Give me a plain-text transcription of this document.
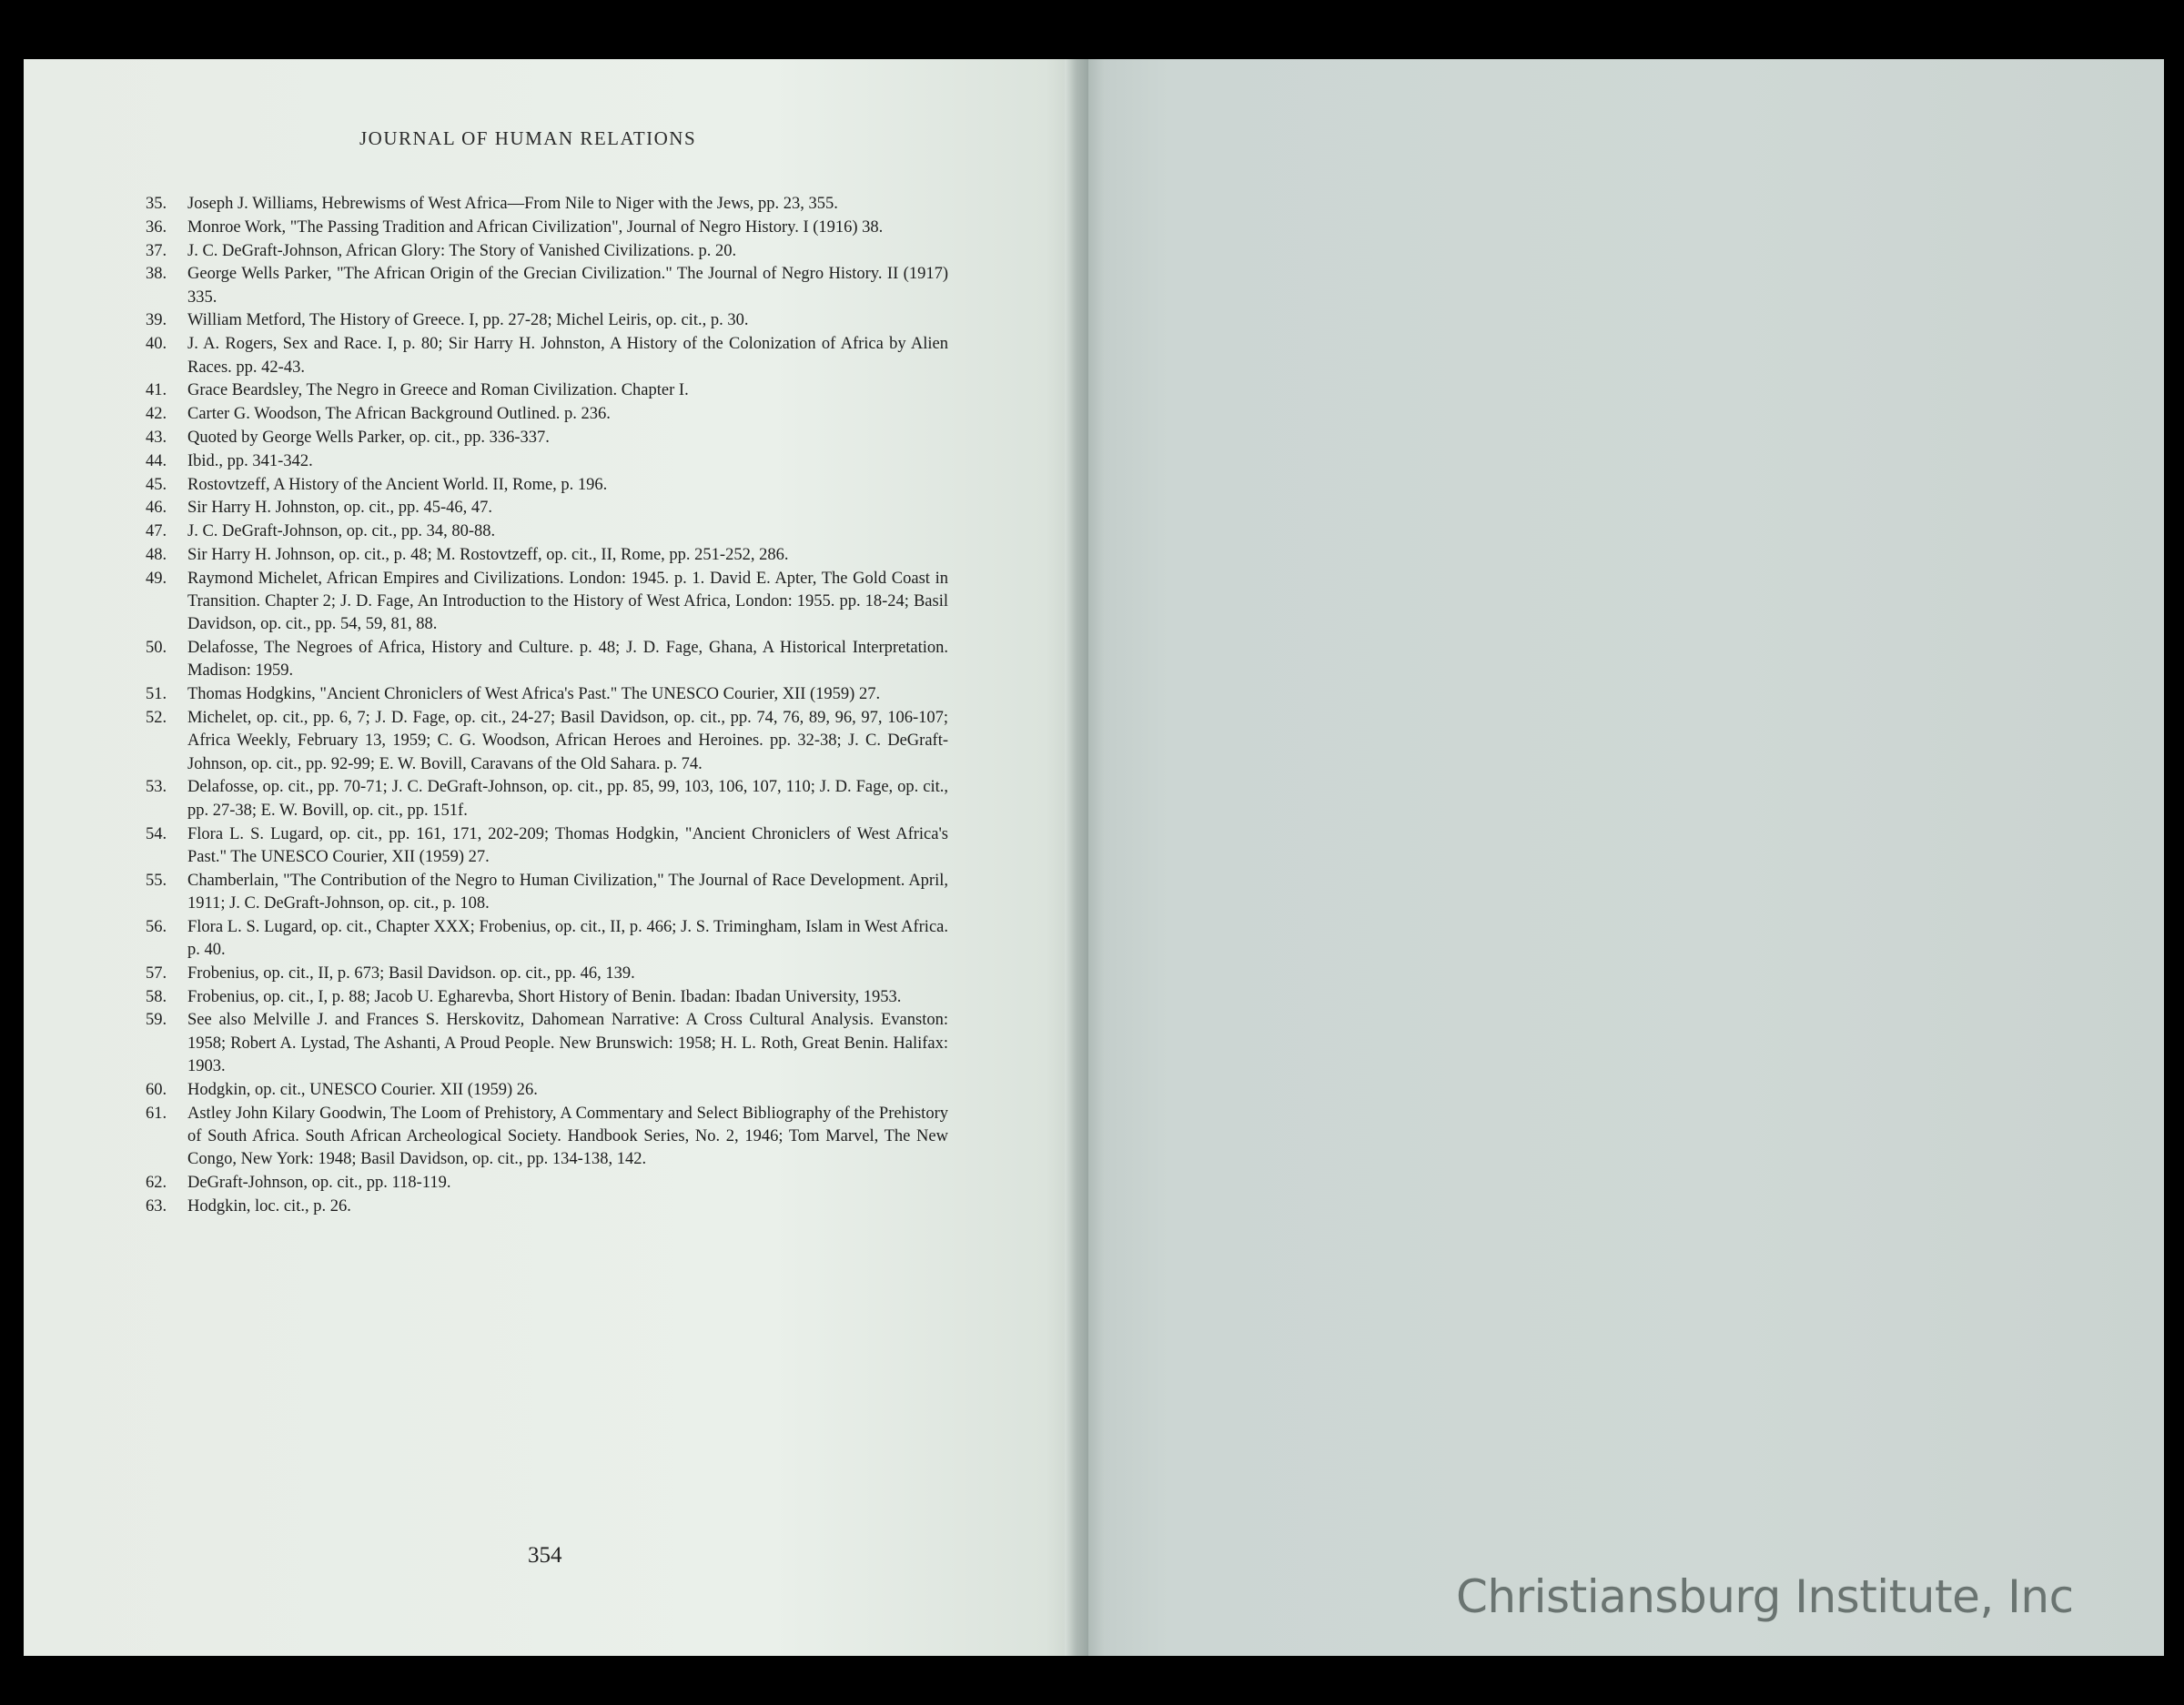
JOURNAL OF HUMAN RELATIONS
35.	Joseph J. Williams, Hebrewisms of West Africa—From Nile to Niger with the Jews, pp. 23, 355.
36.	Monroe Work, "The Passing Tradition and African Civilization", Journal of Negro History. I (1916) 38.
37.	J. C. DeGraft-Johnson, African Glory: The Story of Vanished Civilizations. p. 20.
38.	George Wells Parker, "The African Origin of the Grecian Civilization." The Journal of Negro History. II (1917) 335.
39.	William Metford, The History of Greece. I, pp. 27-28; Michel Leiris, op. cit., p. 30.
40.	J. A. Rogers, Sex and Race. I, p. 80; Sir Harry H. Johnston, A History of the Colonization of Africa by Alien Races. pp. 42-43.
41.	Grace Beardsley, The Negro in Greece and Roman Civilization. Chapter I.
42.	Carter G. Woodson, The African Background Outlined. p. 236.
43.	Quoted by George Wells Parker, op. cit., pp. 336-337.
44.	Ibid., pp. 341-342.
45.	Rostovtzeff, A History of the Ancient World. II, Rome, p. 196.
46.	Sir Harry H. Johnston, op. cit., pp. 45-46, 47.
47.	J. C. DeGraft-Johnson, op. cit., pp. 34, 80-88.
48.	Sir Harry H. Johnson, op. cit., p. 48; M. Rostovtzeff, op. cit., II, Rome, pp. 251-252, 286.
49.	Raymond Michelet, African Empires and Civilizations. London: 1945. p. 1. David E. Apter, The Gold Coast in Transition. Chapter 2; J. D. Fage, An Introduction to the History of West Africa, London: 1955. pp. 18-24; Basil Davidson, op. cit., pp. 54, 59, 81, 88.
50.	Delafosse, The Negroes of Africa, History and Culture. p. 48; J. D. Fage, Ghana, A Historical Interpretation. Madison: 1959.
51.	Thomas Hodgkins, "Ancient Chroniclers of West Africa's Past." The UNESCO Courier, XII (1959) 27.
52.	Michelet, op. cit., pp. 6, 7; J. D. Fage, op. cit., 24-27; Basil Davidson, op. cit., pp. 74, 76, 89, 96, 97, 106-107; Africa Weekly, February 13, 1959; C. G. Woodson, African Heroes and Heroines. pp. 32-38; J. C. DeGraft-Johnson, op. cit., pp. 92-99; E. W. Bovill, Caravans of the Old Sahara. p. 74.
53.	Delafosse, op. cit., pp. 70-71; J. C. DeGraft-Johnson, op. cit., pp. 85, 99, 103, 106, 107, 110; J. D. Fage, op. cit., pp. 27-38; E. W. Bovill, op. cit., pp. 151f.
54.	Flora L. S. Lugard, op. cit., pp. 161, 171, 202-209; Thomas Hodgkin, "Ancient Chroniclers of West Africa's Past." The UNESCO Courier, XII (1959) 27.
55.	Chamberlain, "The Contribution of the Negro to Human Civilization," The Journal of Race Development. April, 1911; J. C. DeGraft-Johnson, op. cit., p. 108.
56.	Flora L. S. Lugard, op. cit., Chapter XXX; Frobenius, op. cit., II, p. 466; J. S. Trimingham, Islam in West Africa. p. 40.
57.	Frobenius, op. cit., II, p. 673; Basil Davidson. op. cit., pp. 46, 139.
58.	Frobenius, op. cit., I, p. 88; Jacob U. Egharevba, Short History of Benin. Ibadan: Ibadan University, 1953.
59.	See also Melville J. and Frances S. Herskovitz, Dahomean Narrative: A Cross Cultural Analysis. Evanston: 1958; Robert A. Lystad, The Ashanti, A Proud People. New Brunswich: 1958; H. L. Roth, Great Benin. Halifax: 1903.
60.	Hodgkin, op. cit., UNESCO Courier. XII (1959) 26.
61.	Astley John Kilary Goodwin, The Loom of Prehistory, A Commentary and Select Bibliography of the Prehistory of South Africa. South African Archeological Society. Handbook Series, No. 2, 1946; Tom Marvel, The New Congo, New York: 1948; Basil Davidson, op. cit., pp. 134-138, 142.
62.	DeGraft-Johnson, op. cit., pp. 118-119.
63.	Hodgkin, loc. cit., p. 26.
354
Christiansburg Institute, Inc
